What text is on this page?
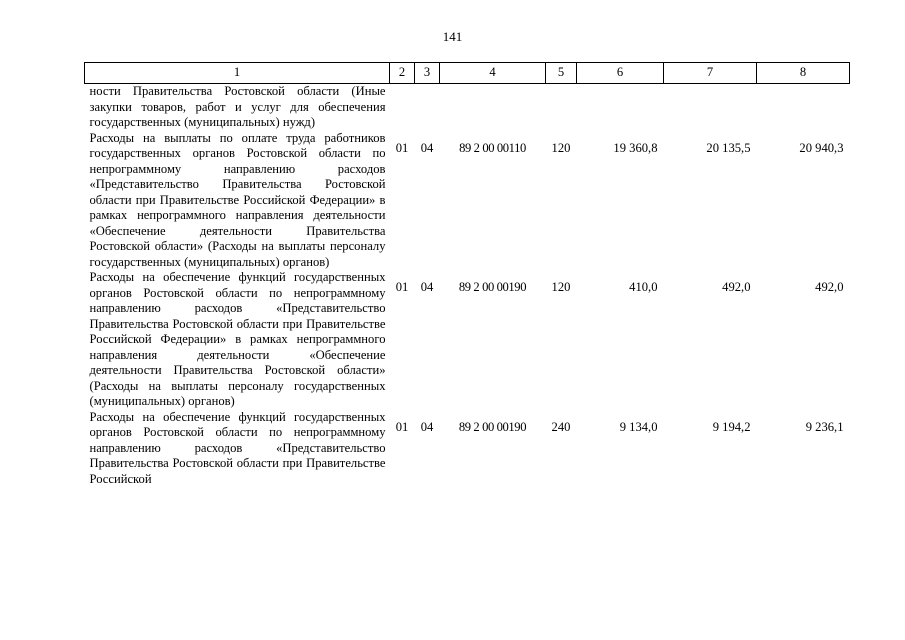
141
1	2	3	4	5	6	7	8
ности Правительства Ростовской области (Иные закупки товаров, работ и услуг для обеспечения государственных (муниципальных) нужд)							
Расходы на выплаты по оплате труда работников государственных органов Ростовской области по непрограммному направлению расходов «Представительство Правительства Ростовской области при Правительстве Российской Федерации» в рамках непрограммного направления деятельности «Обеспечение деятельности Правительства Ростовской области» (Расходы на выплаты персоналу государственных (муниципальных) органов)	01	04	89 2 00 00110	120	19 360,8	20 135,5	20 940,3
Расходы на обеспечение функций государственных органов Ростовской области по непрограммному направлению расходов «Представительство Правительства Ростовской области при Правительстве Российской Федерации» в рамках непрограммного направления деятельности «Обеспечение деятельности Правительства Ростовской области» (Расходы на выплаты персоналу государственных (муниципальных) органов)	01	04	89 2 00 00190	120	410,0	492,0	492,0
Расходы на обеспечение функций государственных органов Ростовской области по непрограммному направлению расходов «Представительство Правительства Ростовской области при Правительстве Российской	01	04	89 2 00 00190	240	9 134,0	9 194,2	9 236,1
